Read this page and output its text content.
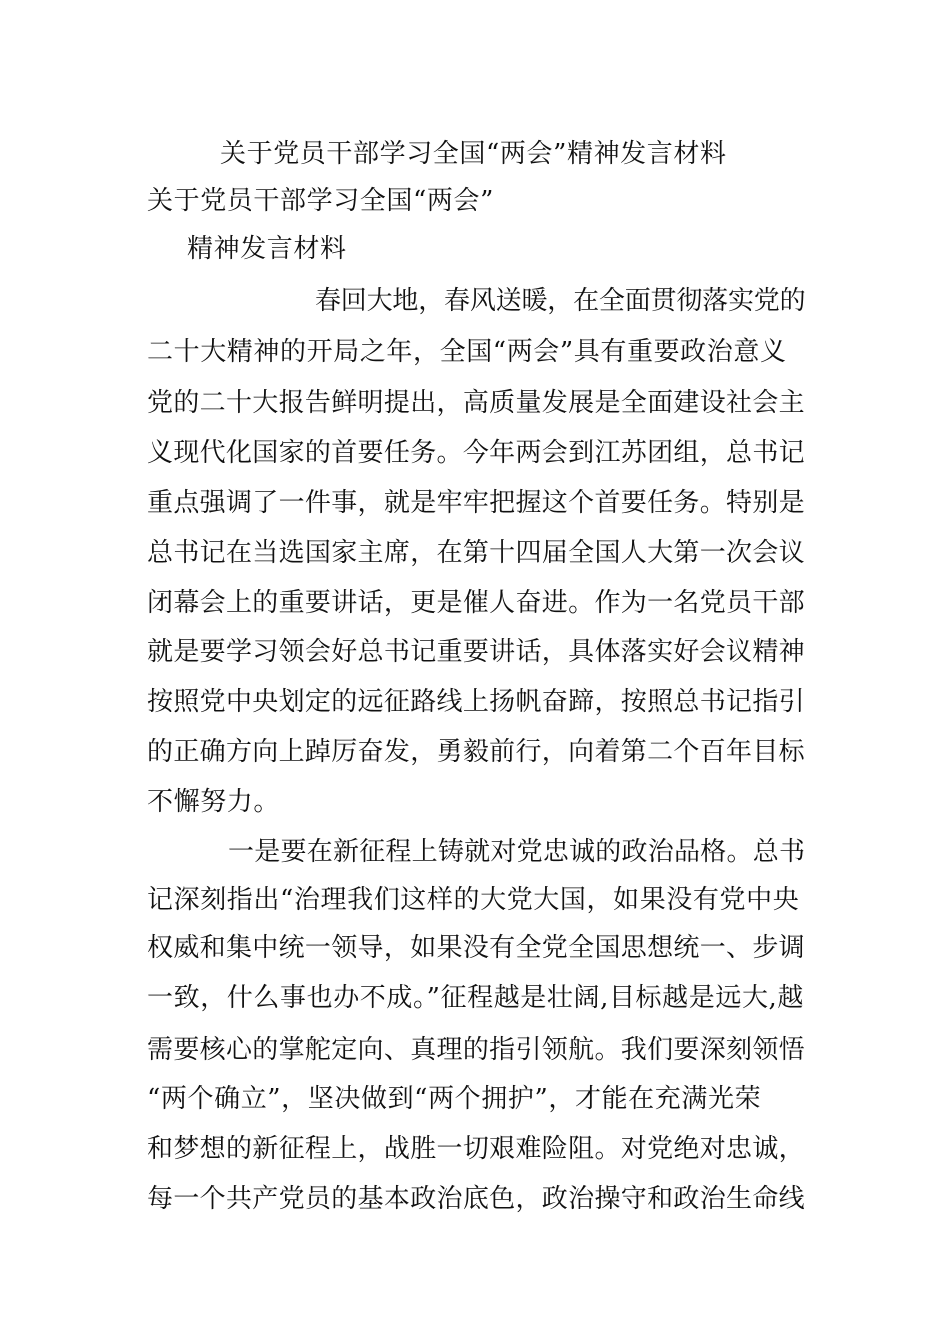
关于党员干部学习全国“两会”精神发言材料
关于党员干部学习全国“两会”
精神发言材料
春回大地，春风送暖，在全面贯彻落实党的
二十大精神的开局之年，全国“两会”具有重要政治意义
党的二十大报告鲜明提出，高质量发展是全面建设社会主
义现代化国家的首要任务。今年两会到江苏团组，总书记
重点强调了一件事，就是牢牢把握这个首要任务。特别是
总书记在当选国家主席，在第十四届全国人大第一次会议
闭幕会上的重要讲话，更是催人奋进。作为一名党员干部
就是要学习领会好总书记重要讲话，具体落实好会议精神
按照党中央划定的远征路线上扬帆奋蹄，按照总书记指引
的正确方向上踔厉奋发，勇毅前行，向着第二个百年目标
不懈努力。
一是要在新征程上铸就对党忠诚的政治品格。总书
记深刻指出“治理我们这样的大党大国，如果没有党中央
权威和集中统一领导，如果没有全党全国思想统一、步调
一致，什么事也办不成。”征程越是壮阔,目标越是远大,越
需要核心的掌舵定向、真理的指引领航。我们要深刻领悟
“两个确立”，坚决做到“两个拥护”，才能在充满光荣
和梦想的新征程上，战胜一切艰难险阻。对党绝对忠诚，
每一个共产党员的基本政治底色，政治操守和政治生命线
